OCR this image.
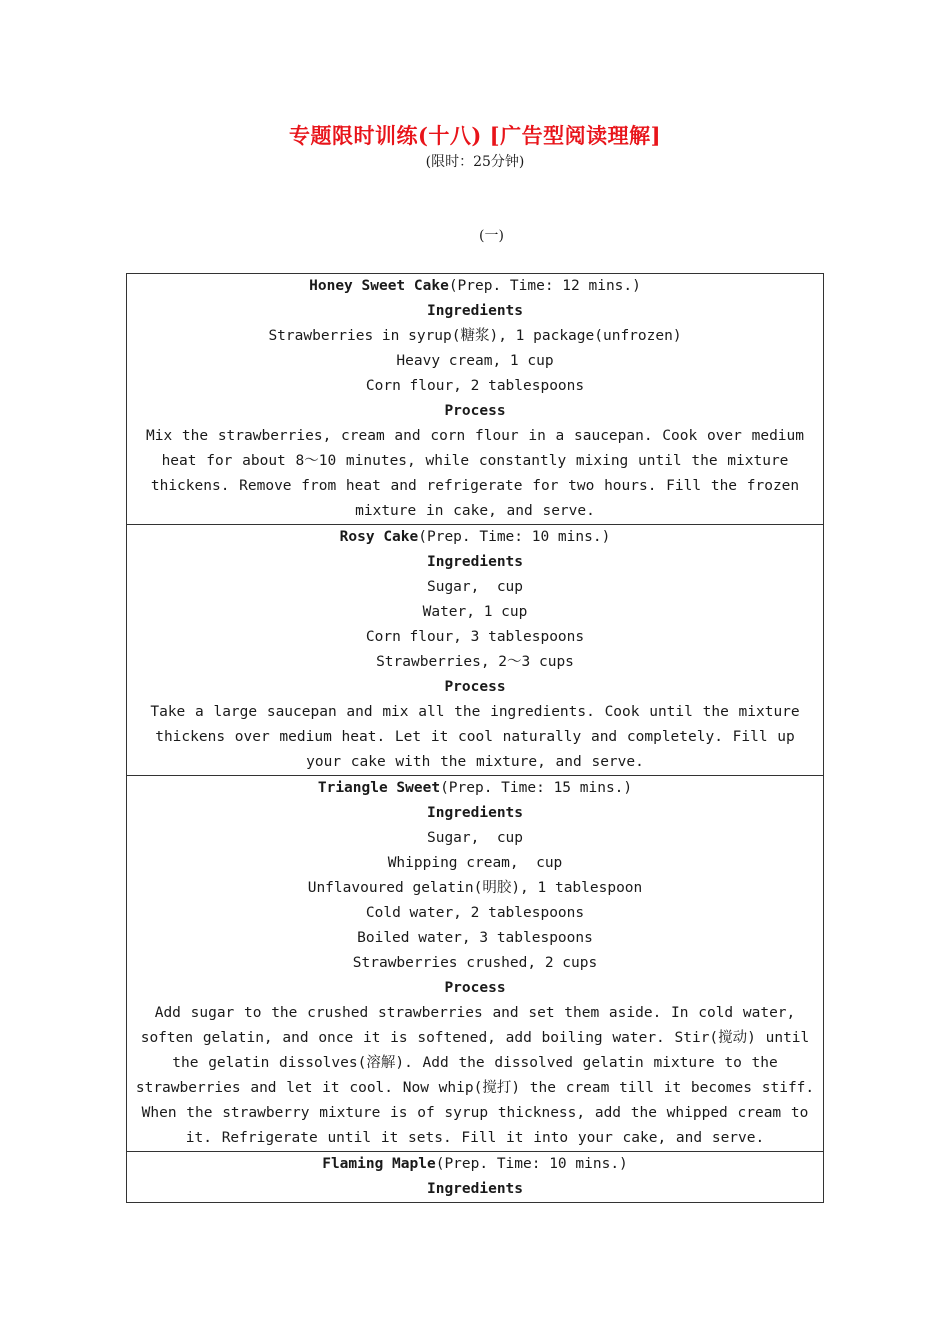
专题限时训练(十八) [广告型阅读理解]
(限时：25分钟)
(一)
Honey Sweet Cake(Prep. Time: 12 mins.)
Ingredients
Strawberries in syrup(糖浆), 1 package(unfrozen)
Heavy cream, 1 cup
Corn flour, 2 tablespoons
Process
Mix the strawberries, cream and corn flour in a saucepan. Cook over medium heat for about 8～10 minutes, while constantly mixing until the mixture thickens. Remove from heat and refrigerate for two hours. Fill the frozen mixture in cake, and serve.
Rosy Cake(Prep. Time: 10 mins.)
Ingredients
Sugar,  cup
Water, 1 cup
Corn flour, 3 tablespoons
Strawberries, 2～3 cups
Process
Take a large saucepan and mix all the ingredients. Cook until the mixture thickens over medium heat. Let it cool naturally and completely. Fill up your cake with the mixture, and serve.
Triangle Sweet(Prep. Time: 15 mins.)
Ingredients
Sugar,  cup
Whipping cream,  cup
Unflavoured gelatin(明胶), 1 tablespoon
Cold water, 2 tablespoons
Boiled water, 3 tablespoons
Strawberries crushed, 2 cups
Process
Add sugar to the crushed strawberries and set them aside. In cold water, soften gelatin, and once it is softened, add boiling water. Stir(搅动) until the gelatin dissolves(溶解). Add the dissolved gelatin mixture to the strawberries and let it cool. Now whip(搅打) the cream till it becomes stiff. When the strawberry mixture is of syrup thickness, add the whipped cream to it. Refrigerate until it sets. Fill it into your cake, and serve.
Flaming Maple(Prep. Time: 10 mins.)
Ingredients
